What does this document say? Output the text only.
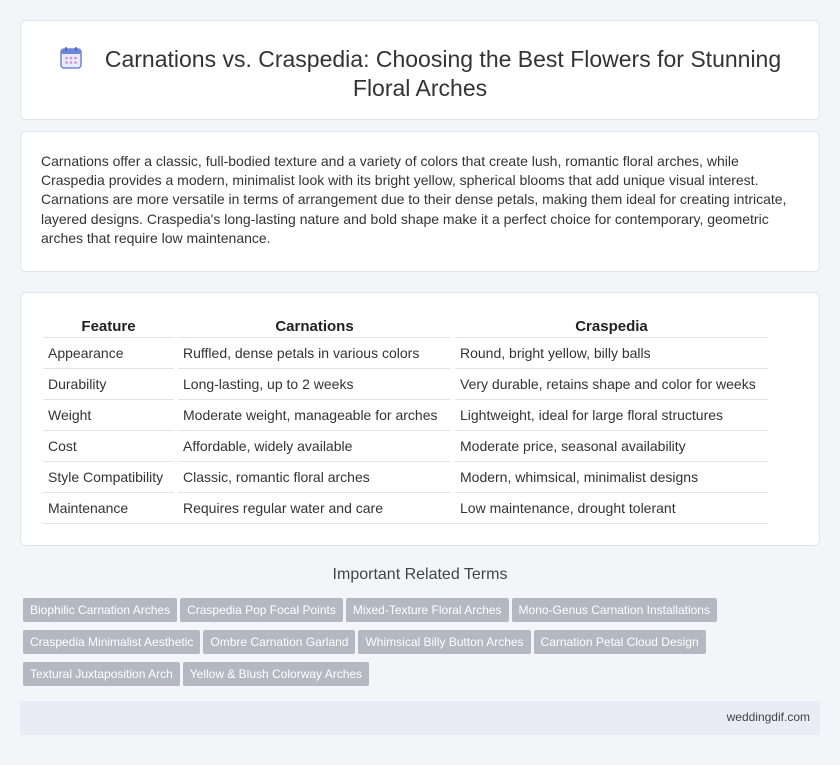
Carnations vs. Craspedia: Choosing the Best Flowers for Stunning Floral Arches

Carnations offer a classic, full-bodied texture and a variety of colors that create lush, romantic floral arches, while Craspedia provides a modern, minimalist look with its bright yellow, spherical blooms that add unique visual interest. Carnations are more versatile in terms of arrangement due to their dense petals, making them ideal for creating intricate, layered designs. Craspedia's long-lasting nature and bold shape make it a perfect choice for contemporary, geometric arches that require low maintenance.

Feature		Carnations		Craspedia
Appearance		Ruffled, dense petals in various colors		Round, bright yellow, billy balls
Durability		Long-lasting, up to 2 weeks		Very durable, retains shape and color for weeks
Weight		Moderate weight, manageable for arches		Lightweight, ideal for large floral structures
Cost		Affordable, widely available		Moderate price, seasonal availability
Style Compatibility		Classic, romantic floral arches		Modern, whimsical, minimalist designs
Maintenance		Requires regular water and care		Low maintenance, drought tolerant
Important Related Terms
Biophilic Carnation Arches Craspedia Pop Focal Points Mixed-Texture Floral Arches Mono-Genus Carnation Installations
Craspedia Minimalist Aesthetic Ombre Carnation Garland Whimsical Billy Button Arches Carnation Petal Cloud Design
Textural Juxtaposition Arch Yellow & Blush Colorway Arches
weddingdif.com
